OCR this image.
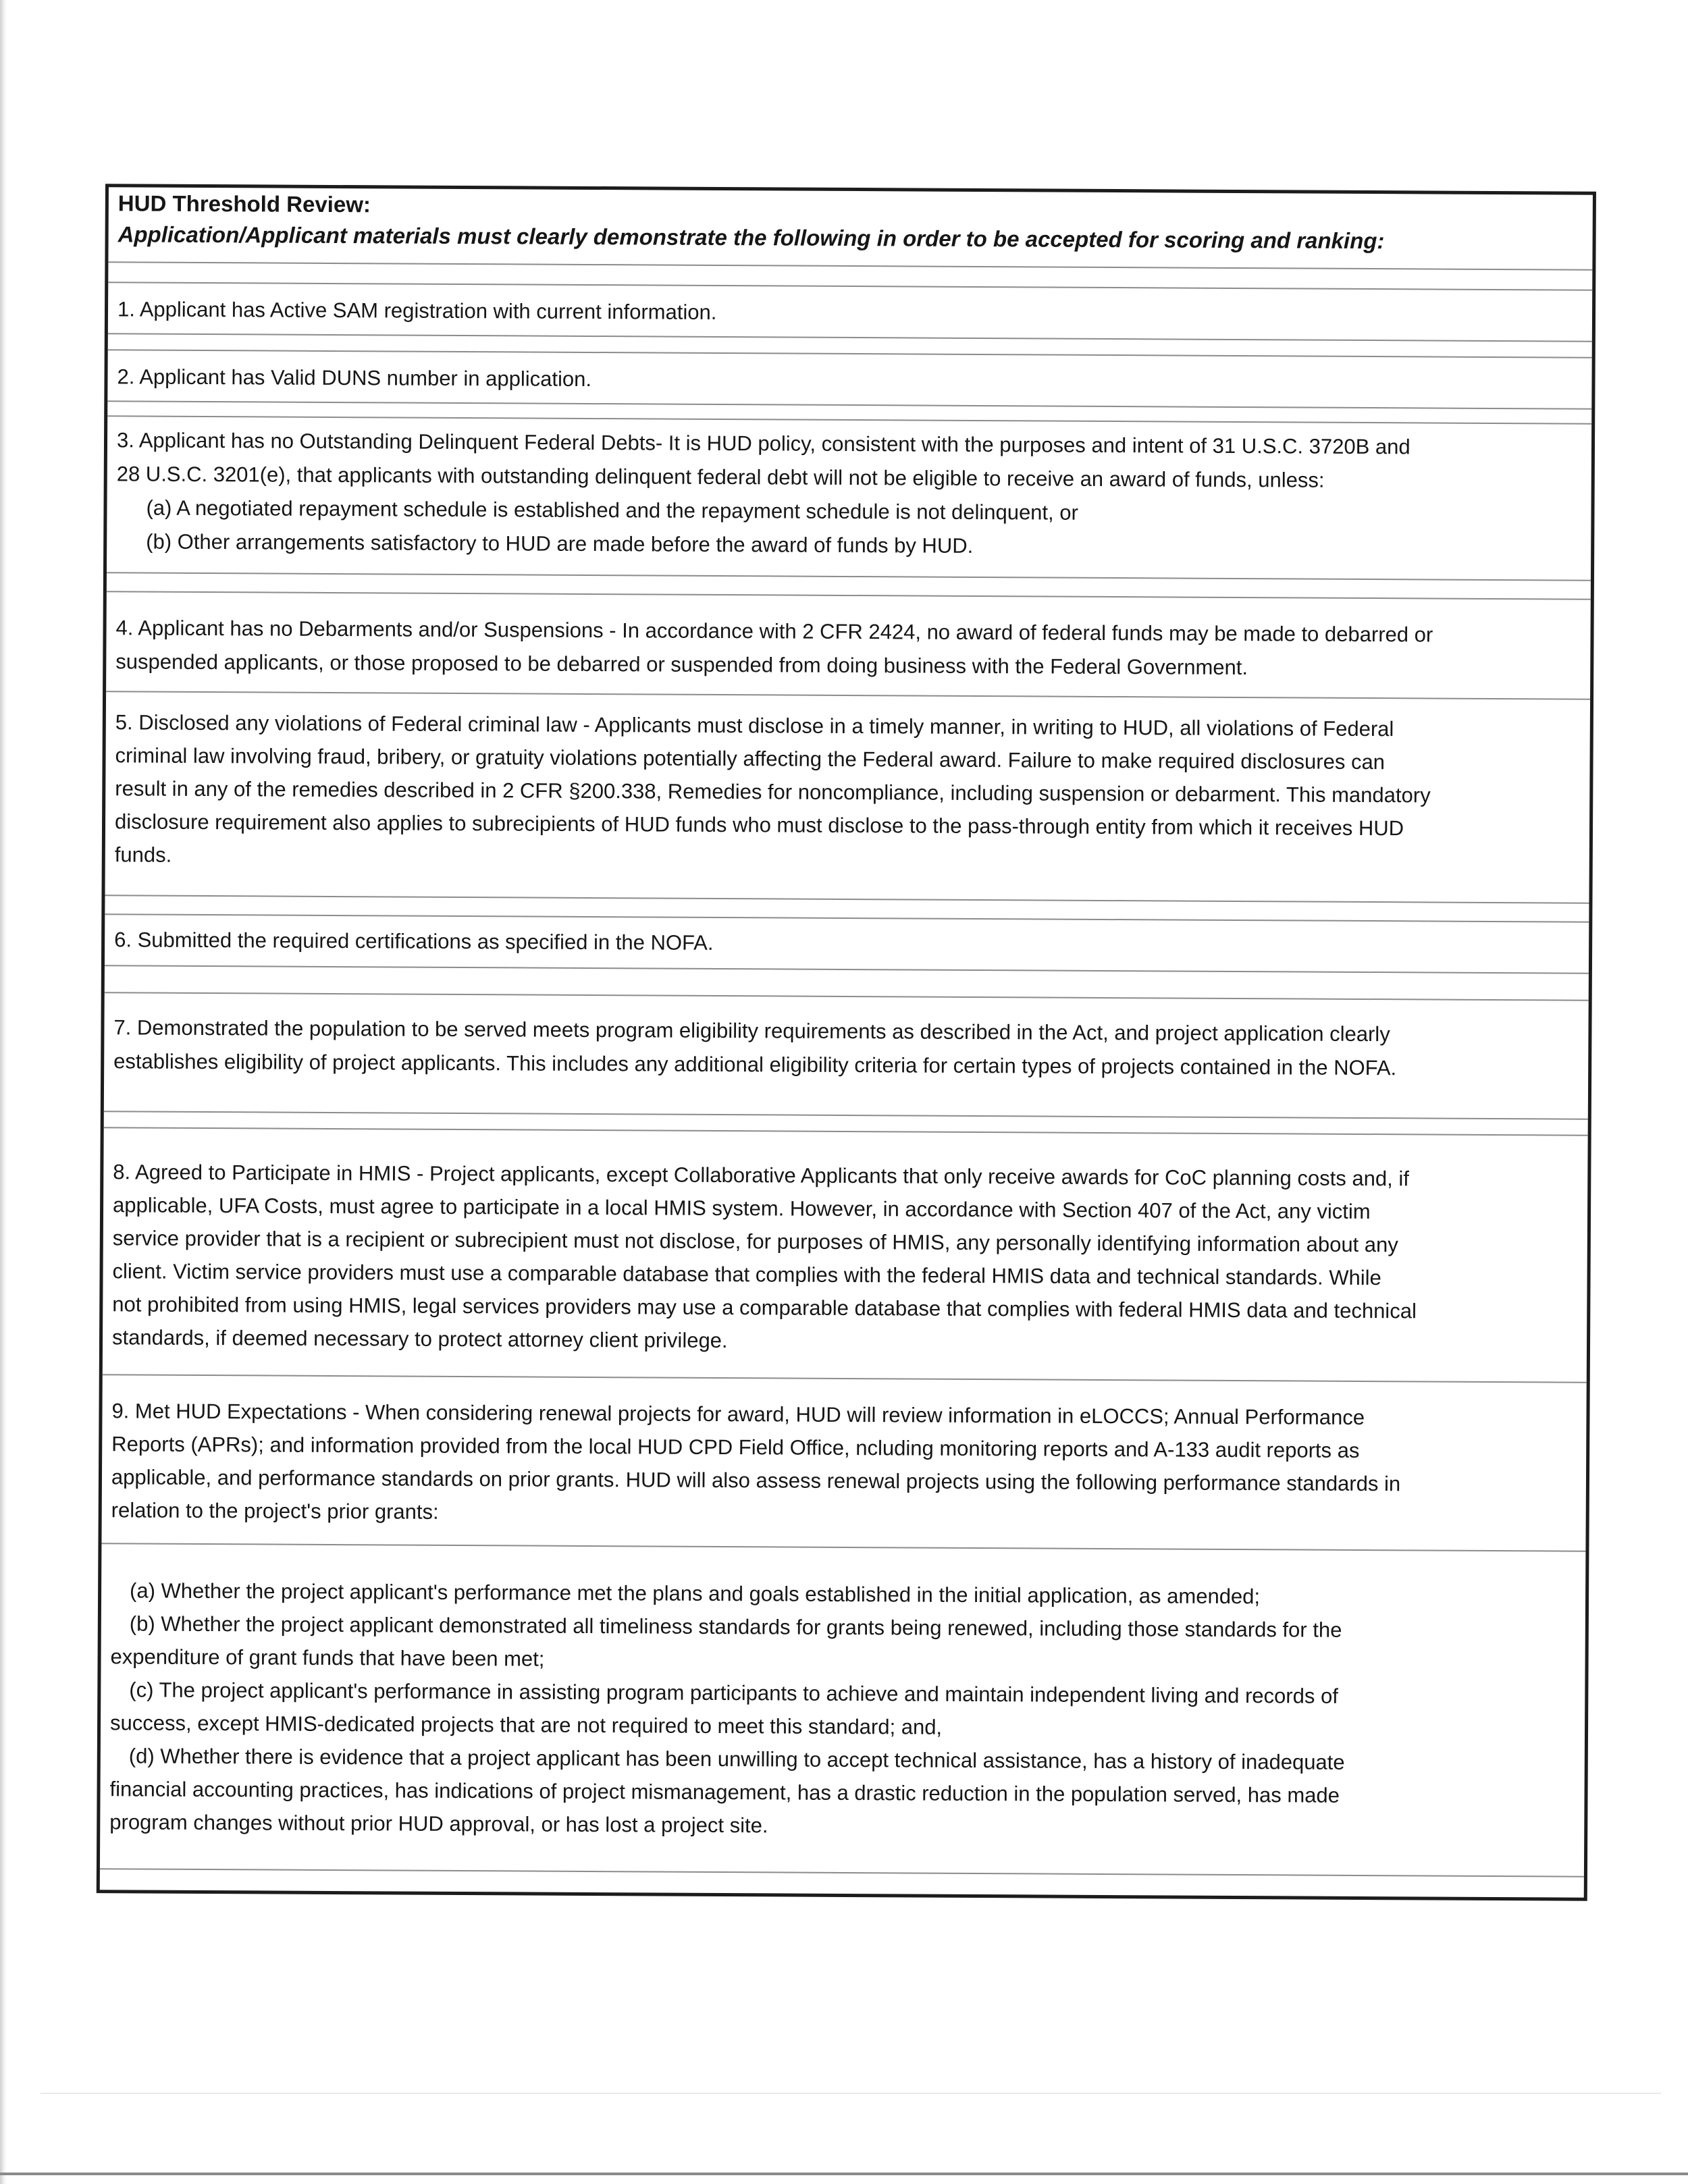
HUD Threshold Review:
Application/Applicant materials must clearly demonstrate the following in order to be accepted for scoring and ranking:
1. Applicant has Active SAM registration with current information.
2. Applicant has Valid DUNS number in application.
3. Applicant has no Outstanding Delinquent Federal Debts- It is HUD policy, consistent with the purposes and intent of 31 U.S.C. 3720B and
28 U.S.C. 3201(e), that applicants with outstanding delinquent federal debt will not be eligible to receive an award of funds, unless:
(a) A negotiated repayment schedule is established and the repayment schedule is not delinquent, or
(b) Other arrangements satisfactory to HUD are made before the award of funds by HUD.
4. Applicant has no Debarments and/or Suspensions - In accordance with 2 CFR 2424, no award of federal funds may be made to debarred or
suspended applicants, or those proposed to be debarred or suspended from doing business with the Federal Government.
5. Disclosed any violations of Federal criminal law - Applicants must disclose in a timely manner, in writing to HUD, all violations of Federal
criminal law involving fraud, bribery, or gratuity violations potentially affecting the Federal award. Failure to make required disclosures can
result in any of the remedies described in 2 CFR §200.338, Remedies for noncompliance, including suspension or debarment. This mandatory
disclosure requirement also applies to subrecipients of HUD funds who must disclose to the pass-through entity from which it receives HUD
funds.
6. Submitted the required certifications as specified in the NOFA.
7. Demonstrated the population to be served meets program eligibility requirements as described in the Act, and project application clearly
establishes eligibility of project applicants. This includes any additional eligibility criteria for certain types of projects contained in the NOFA.
8. Agreed to Participate in HMIS - Project applicants, except Collaborative Applicants that only receive awards for CoC planning costs and, if
applicable, UFA Costs, must agree to participate in a local HMIS system. However, in accordance with Section 407 of the Act, any victim
service provider that is a recipient or subrecipient must not disclose, for purposes of HMIS, any personally identifying information about any
client. Victim service providers must use a comparable database that complies with the federal HMIS data and technical standards. While
not prohibited from using HMIS, legal services providers may use a comparable database that complies with federal HMIS data and technical
standards, if deemed necessary to protect attorney client privilege.
9. Met HUD Expectations - When considering renewal projects for award, HUD will review information in eLOCCS; Annual Performance
Reports (APRs); and information provided from the local HUD CPD Field Office, ncluding monitoring reports and A-133 audit reports as
applicable, and performance standards on prior grants. HUD will also assess renewal projects using the following performance standards in
relation to the project's prior grants:
(a) Whether the project applicant's performance met the plans and goals established in the initial application, as amended;
(b) Whether the project applicant demonstrated all timeliness standards for grants being renewed, including those standards for the
expenditure of grant funds that have been met;
(c) The project applicant's performance in assisting program participants to achieve and maintain independent living and records of
success, except HMIS-dedicated projects that are not required to meet this standard; and,
(d) Whether there is evidence that a project applicant has been unwilling to accept technical assistance, has a history of inadequate
financial accounting practices, has indications of project mismanagement, has a drastic reduction in the population served, has made
program changes without prior HUD approval, or has lost a project site.
